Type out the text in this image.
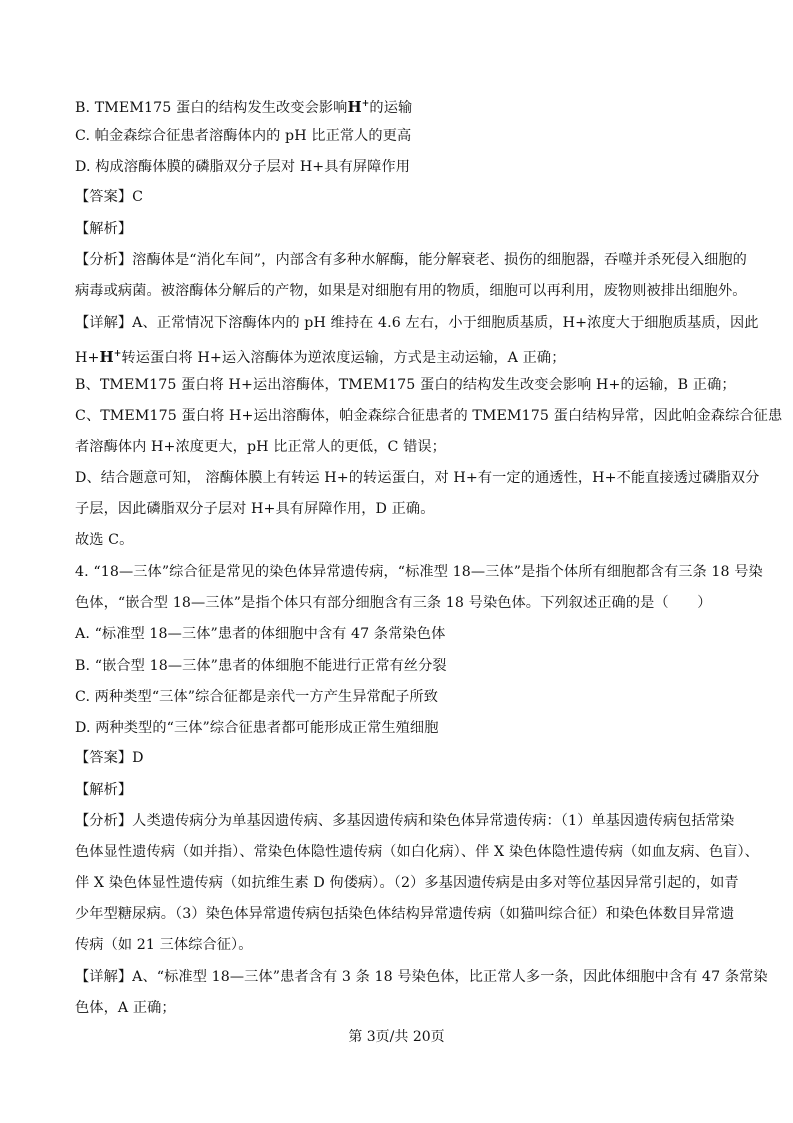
B. TMEM175 蛋白的结构发生改变会影响H+的运输
C. 帕金森综合征患者溶酶体内的 pH 比正常人的更高
D. 构成溶酶体膜的磷脂双分子层对 H+具有屏障作用
【答案】C
【解析】
【分析】溶酶体是“消化车间”，内部含有多种水解酶，能分解衰老、损伤的细胞器，吞噬并杀死侵入细胞的
病毒或病菌。被溶酶体分解后的产物，如果是对细胞有用的物质，细胞可以再利用，废物则被排出细胞外。
【详解】A、正常情况下溶酶体内的 pH 维持在 4.6 左右，小于细胞质基质，H+浓度大于细胞质基质，因此
H+H+转运蛋白将 H+运入溶酶体为逆浓度运输，方式是主动运输，A 正确；
B、TMEM175 蛋白将 H+运出溶酶体，TMEM175 蛋白的结构发生改变会影响 H+的运输，B 正确；
C、TMEM175 蛋白将 H+运出溶酶体，帕金森综合征患者的 TMEM175 蛋白结构异常，因此帕金森综合征患
者溶酶体内 H+浓度更大，pH 比正常人的更低，C 错误；
D、结合题意可知， 溶酶体膜上有转运 H+的转运蛋白，对 H+有一定的通透性，H+不能直接透过磷脂双分
子层，因此磷脂双分子层对 H+具有屏障作用，D 正确。
故选 C。
4. “18—三体”综合征是常见的染色体异常遗传病，“标准型 18—三体”是指个体所有细胞都含有三条 18 号染
色体，“嵌合型 18—三体”是指个体只有部分细胞含有三条 18 号染色体。下列叙述正确的是（　　）
A. “标准型 18—三体”患者的体细胞中含有 47 条常染色体
B. “嵌合型 18—三体”患者的体细胞不能进行正常有丝分裂
C. 两种类型“三体”综合征都是亲代一方产生异常配子所致
D. 两种类型的“三体”综合征患者都可能形成正常生殖细胞
【答案】D
【解析】
【分析】人类遗传病分为单基因遗传病、多基因遗传病和染色体异常遗传病：（1）单基因遗传病包括常染
色体显性遗传病（如并指）、常染色体隐性遗传病（如白化病）、伴 X 染色体隐性遗传病（如血友病、色盲）、
伴 X 染色体显性遗传病（如抗维生素 D 佝偻病）。（2）多基因遗传病是由多对等位基因异常引起的，如青
少年型糖尿病。（3）染色体异常遗传病包括染色体结构异常遗传病（如猫叫综合征）和染色体数目异常遗
传病（如 21 三体综合征）。
【详解】A、“标准型 18—三体”患者含有 3 条 18 号染色体，比正常人多一条，因此体细胞中含有 47 条常染
色体，A 正确；
第 3页/共 20页
